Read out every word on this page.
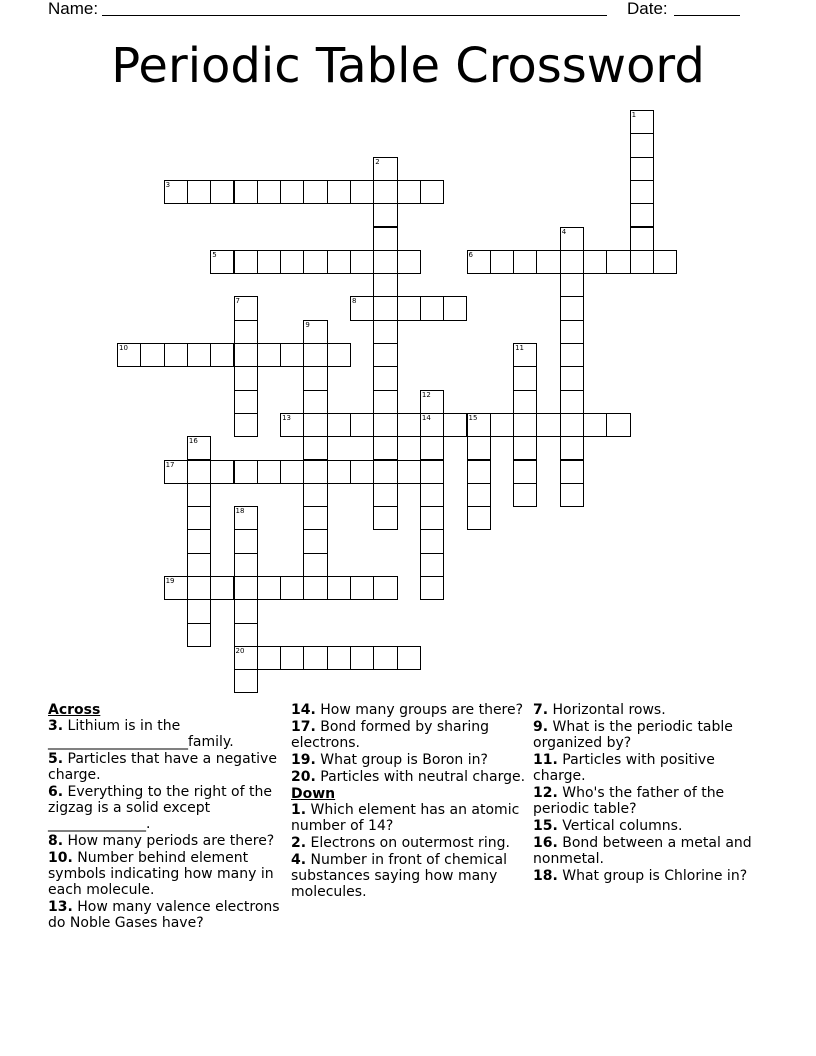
Name:	Date:
Periodic Table Crossword
1
2
3
4
5	6
7	8
9
10	11
12
13	14	15
16
17
18
19
20
Across
3. Lithium is in the ____________________family.
5. Particles that have a negative charge.
6. Everything to the right of the zigzag is a solid except ______________.
8. How many periods are there?
10. Number behind element symbols indicating how many in each molecule.
13. How many valence electrons do Noble Gases have?
14. How many groups are there?
17. Bond formed by sharing electrons.
19. What group is Boron in?
20. Particles with neutral charge.
Down
1. Which element has an atomic number of 14?
2. Electrons on outermost ring.
4. Number in front of chemical substances saying how many molecules.
7. Horizontal rows.
9. What is the periodic table organized by?
11. Particles with positive charge.
12. Who's the father of the periodic table?
15. Vertical columns.
16. Bond between a metal and nonmetal.
18. What group is Chlorine in?
